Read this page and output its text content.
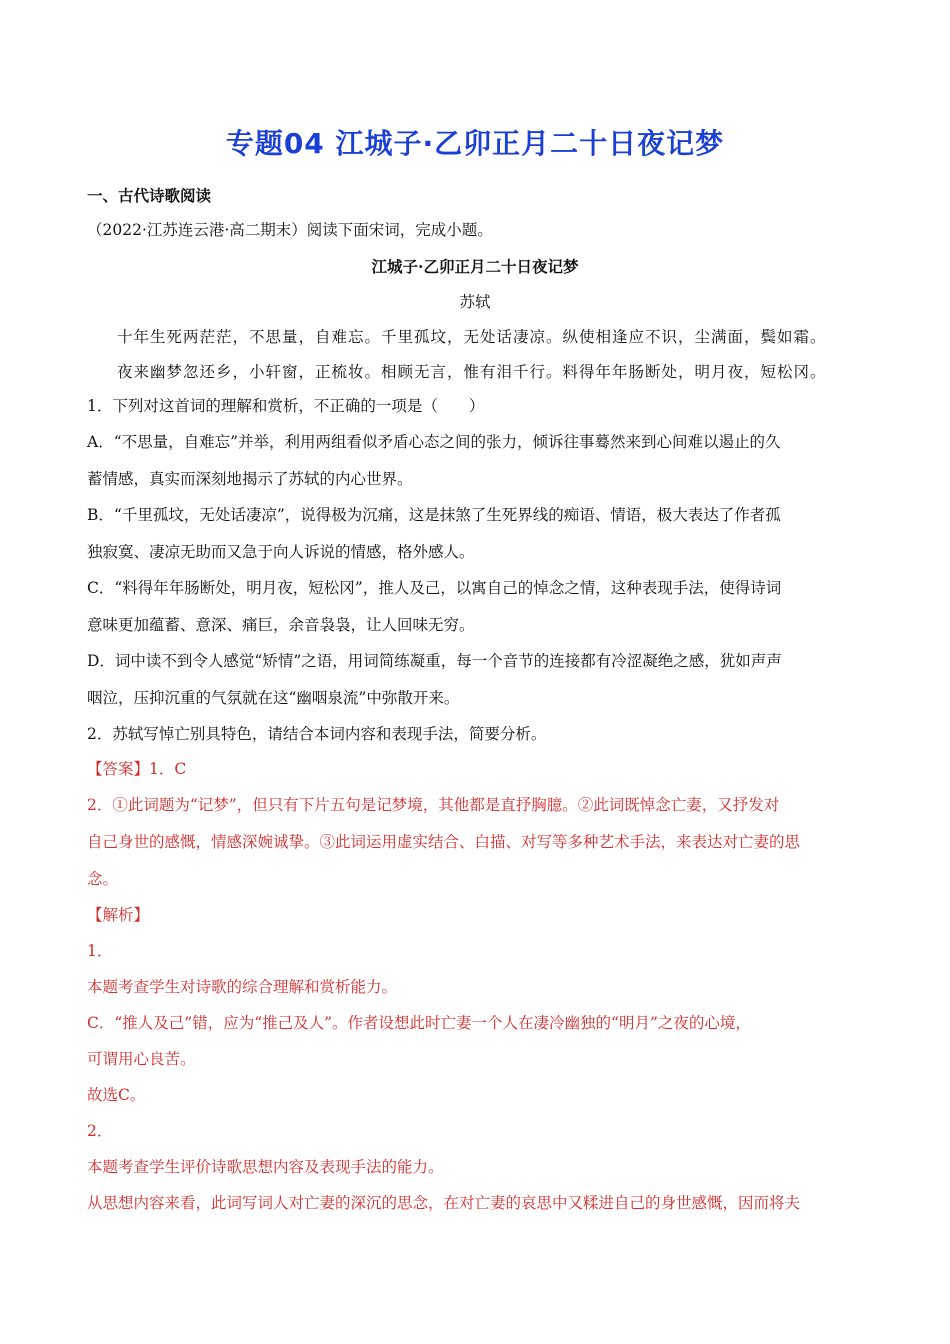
专题04 江城子·乙卯正月二十日夜记梦
一、古代诗歌阅读
（2022·江苏连云港·高二期末）阅读下面宋词，完成小题。
江城子·乙卯正月二十日夜记梦
苏轼
十年生死两茫茫，不思量，自难忘。千里孤坟，无处话凄凉。纵使相逢应不识，尘满面，鬓如霜。
夜来幽梦忽还乡，小轩窗，正梳妆。相顾无言，惟有泪千行。料得年年肠断处，明月夜，短松冈。
1．下列对这首词的理解和赏析，不正确的一项是（　　）
A．“不思量，自难忘”并举，利用两组看似矛盾心态之间的张力，倾诉往事蓦然来到心间难以遏止的久
蓄情感，真实而深刻地揭示了苏轼的内心世界。
B．“千里孤坟，无处话凄凉”，说得极为沉痛，这是抹煞了生死界线的痴语、情语，极大表达了作者孤
独寂寞、凄凉无助而又急于向人诉说的情感，格外感人。
C．“料得年年肠断处，明月夜，短松冈”，推人及己，以寓自己的悼念之情，这种表现手法，使得诗词
意味更加蕴蓄、意深、痛巨，余音袅袅，让人回味无穷。
D．词中读不到令人感觉“矫情”之语，用词简练凝重，每一个音节的连接都有冷涩凝绝之感，犹如声声
咽泣，压抑沉重的气氛就在这“幽咽泉流”中弥散开来。
2．苏轼写悼亡别具特色，请结合本词内容和表现手法，简要分析。
【答案】1．C
2．①此词题为“记梦”，但只有下片五句是记梦境，其他都是直抒胸臆。②此词既悼念亡妻，又抒发对
自己身世的感慨，情感深婉诚挚。③此词运用虚实结合、白描、对写等多种艺术手法，来表达对亡妻的思
念。
【解析】
1．
本题考查学生对诗歌的综合理解和赏析能力。
C．“推人及己”错，应为“推己及人”。作者设想此时亡妻一个人在凄冷幽独的“明月”之夜的心境，
可谓用心良苦。
故选C。
2．
本题考查学生评价诗歌思想内容及表现手法的能力。
从思想内容来看，此词写词人对亡妻的深沉的思念，在对亡妻的哀思中又糅进自己的身世感慨，因而将夫
